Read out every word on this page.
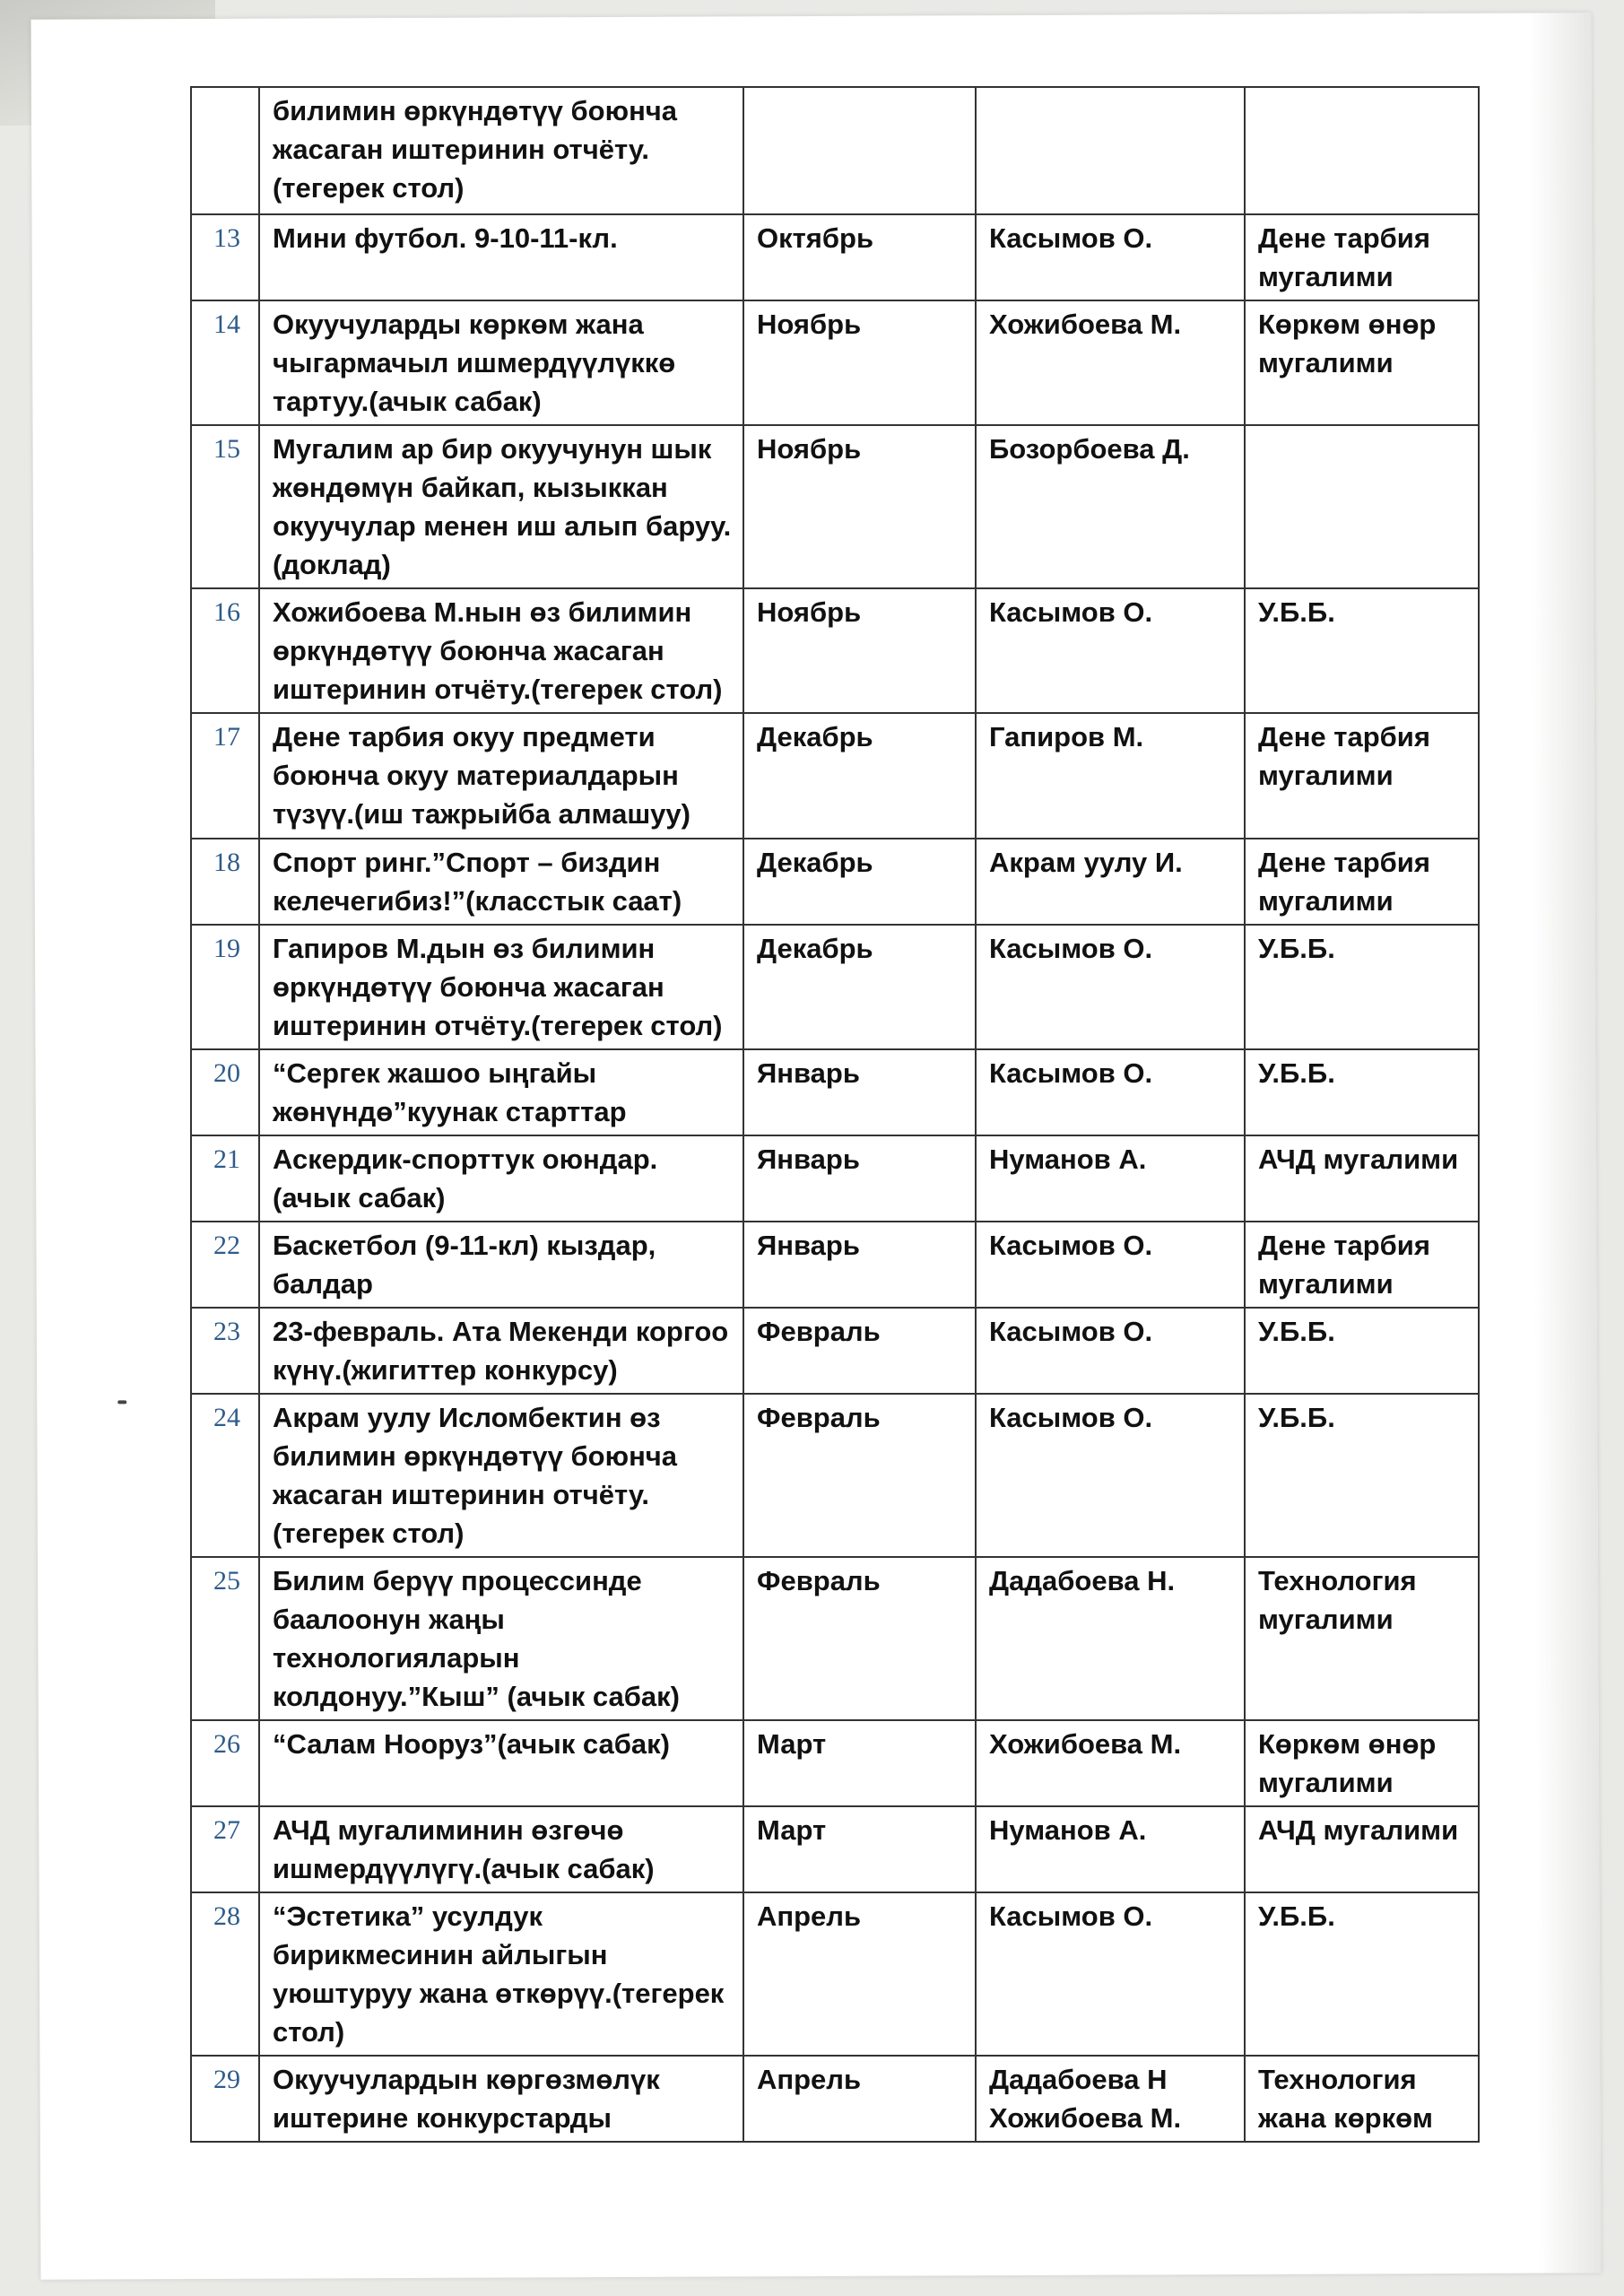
	билимин өркүндөтүү боюнча жасаган иштеринин отчёту.(тегерек стол)			

13	Мини футбол. 9-10-11-кл.	Октябрь	Касымов О.	Дене тарбия мугалими

14	Окуучуларды көркөм жана чыгармачыл ишмердүүлүккө тартуу.(ачык сабак)	Ноябрь	Хожибоева М.	Көркөм өнөр мугалими

15	Мугалим ар бир окуучунун шык жөндөмүн байкап, кызыккан окуучулар менен иш алып баруу.(доклад)	Ноябрь	Бозорбоева Д.	

16	Хожибоева М.нын өз билимин өркүндөтүү боюнча жасаган иштеринин отчёту.(тегерек стол)	Ноябрь	Касымов О.	У.Б.Б.

17	Дене тарбия окуу предмети боюнча окуу материалдарын түзүү.(иш тажрыйба алмашуу)	Декабрь	Гапиров М.	Дене тарбия мугалими

18	Спорт ринг.”Спорт – биздин келечегибиз!”(класстык саат)	Декабрь	Акрам уулу И.	Дене тарбия мугалими

19	Гапиров М.дын өз билимин өркүндөтүү боюнча жасаган иштеринин отчёту.(тегерек стол)	Декабрь	Касымов О.	У.Б.Б.

20	“Сергек жашоо ыңгайы жөнүндө”куунак старттар	Январь	Касымов О.	У.Б.Б.

21	Аскердик-спорттук оюндар.(ачык сабак)	Январь	Нуманов А.	АЧД мугалими

22	Баскетбол (9-11-кл) кыздар, балдар	Январь	Касымов О.	Дене тарбия мугалими

23	23-февраль. Ата Мекенди коргоо күнү.(жигиттер конкурсу)	Февраль	Касымов О.	У.Б.Б.

24	Акрам уулу Исломбектин өз билимин өркүндөтүү боюнча жасаган иштеринин отчёту.(тегерек стол)	Февраль	Касымов О.	У.Б.Б.

25	Билим берүү процессинде баалоонун жаңы технологияларын колдонуу.”Кыш” (ачык сабак)	Февраль	Дадабоева Н.	Технология мугалими

26	“Салам Нооруз”(ачык сабак)	Март	Хожибоева М.	Көркөм өнөр мугалими

27	АЧД мугалиминин өзгөчө ишмердүүлүгү.(ачык сабак)	Март	Нуманов А.	АЧД мугалими

28	“Эстетика” усулдук бирикмесинин айлыгын уюштуруу жана өткөрүү.(тегерек стол)	Апрель	Касымов О.	У.Б.Б.

29	Окуучулардын көргөзмөлүк иштерине конкурстарды	Апрель	Дадабоева Н Хожибоева М.	Технология жана көркөм
